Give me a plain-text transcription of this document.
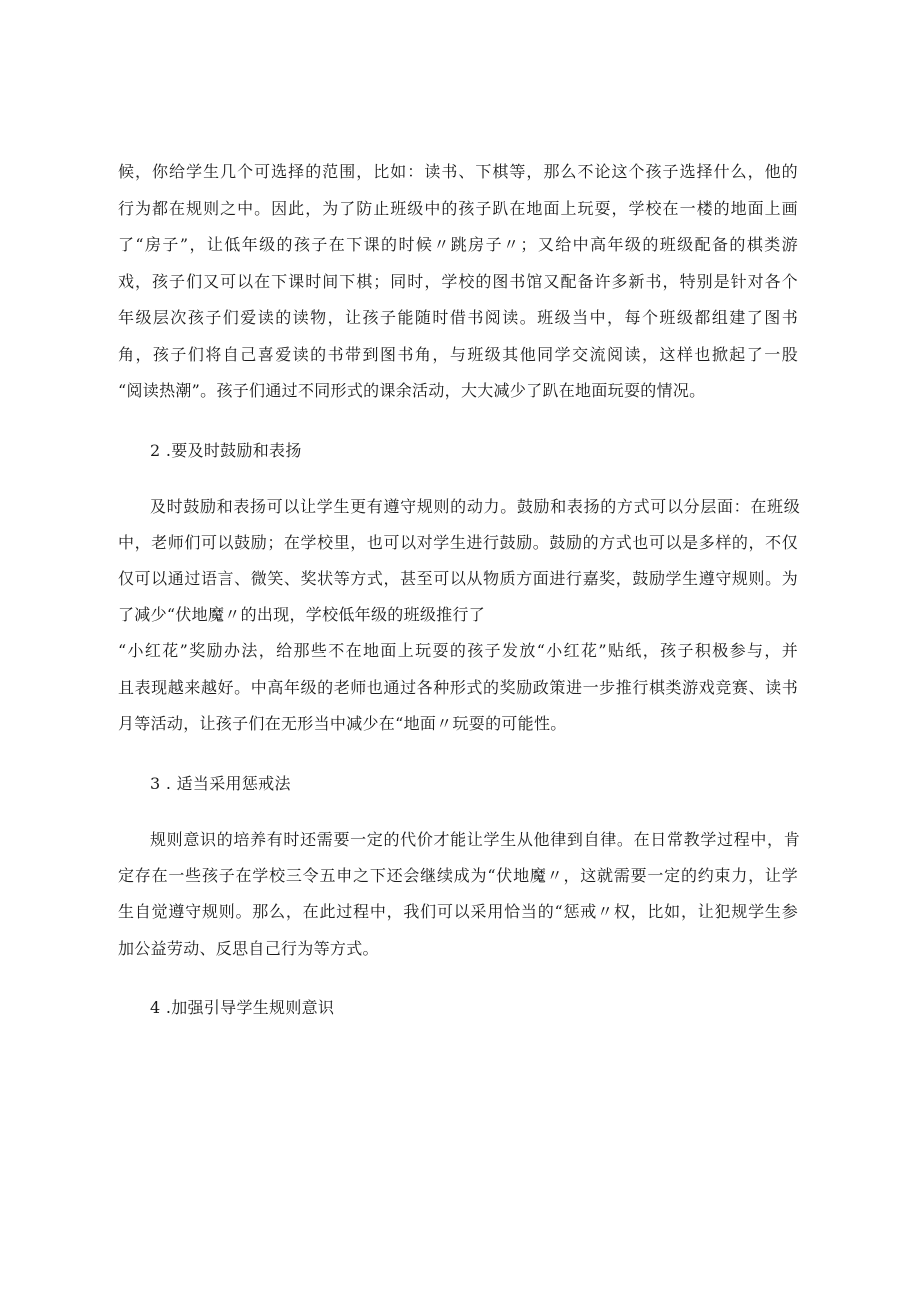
候，你给学生几个可选择的范围，比如：读书、下棋等，那么不论这个孩子选择什么，他的
行为都在规则之中。因此，为了防止班级中的孩子趴在地面上玩耍，学校在一楼的地面上画
了“房子”，让低年级的孩子在下课的时候〃跳房子〃；又给中高年级的班级配备的棋类游
戏，孩子们又可以在下课时间下棋；同时，学校的图书馆又配备许多新书，特别是针对各个
年级层次孩子们爱读的读物，让孩子能随时借书阅读。班级当中，每个班级都组建了图书
角，孩子们将自己喜爱读的书带到图书角，与班级其他同学交流阅读，这样也掀起了一股
“阅读热潮”。孩子们通过不同形式的课余活动，大大减少了趴在地面玩耍的情况。
2 .要及时鼓励和表扬
及时鼓励和表扬可以让学生更有遵守规则的动力。鼓励和表扬的方式可以分层面：在班级
中，老师们可以鼓励；在学校里，也可以对学生进行鼓励。鼓励的方式也可以是多样的，不仅
仅可以通过语言、微笑、奖状等方式，甚至可以从物质方面进行嘉奖，鼓励学生遵守规则。为
了减少“伏地魔〃的出现，学校低年级的班级推行了
“小红花”奖励办法，给那些不在地面上玩耍的孩子发放“小红花”贴纸，孩子积极参与，并
且表现越来越好。中高年级的老师也通过各种形式的奖励政策进一步推行棋类游戏竞赛、读书
月等活动，让孩子们在无形当中减少在“地面〃玩耍的可能性。
3 . 适当采用惩戒法
规则意识的培养有时还需要一定的代价才能让学生从他律到自律。在日常教学过程中，肯
定存在一些孩子在学校三令五申之下还会继续成为“伏地魔〃，这就需要一定的约束力，让学
生自觉遵守规则。那么，在此过程中，我们可以采用恰当的“惩戒〃权，比如，让犯规学生参
加公益劳动、反思自己行为等方式。
4 .加强引导学生规则意识
